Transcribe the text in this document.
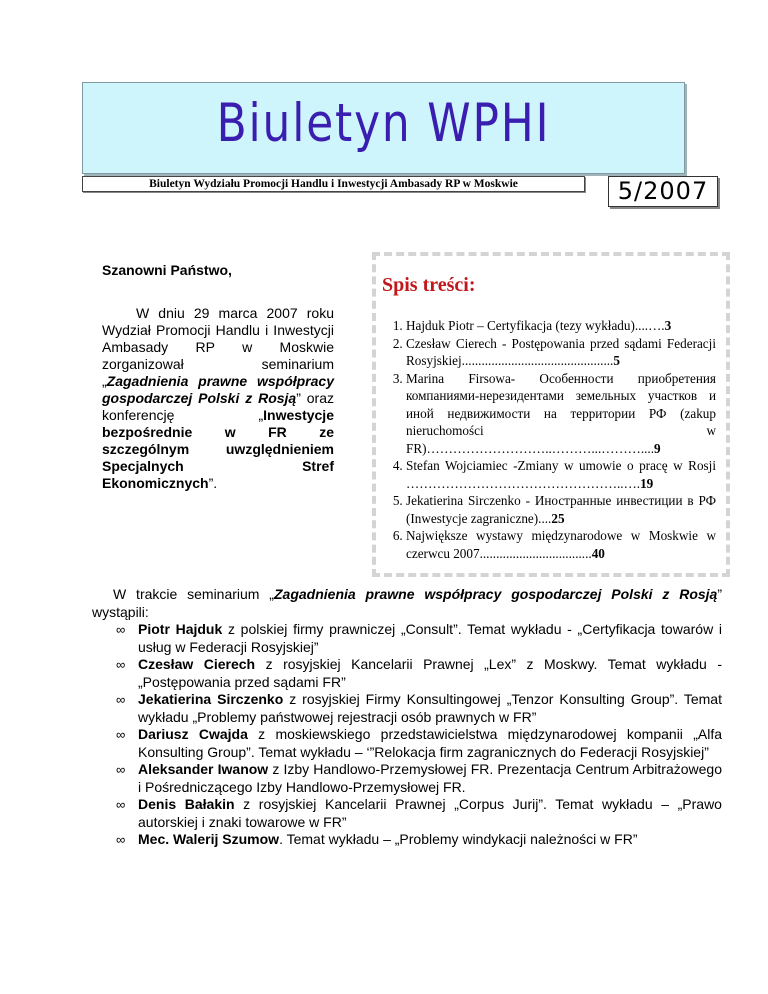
Biuletyn WPHI
Biuletyn Wydziału Promocji Handlu i Inwestycji Ambasady RP w Moskwie	5/2007
Szanowni Państwo,
W dniu 29 marca 2007 roku Wydział Promocji Handlu i Inwestycji Ambasady RP w Moskwie zorganizował seminarium „Zagadnienia prawne współpracy gospodarczej Polski z Rosją” oraz konferencję „Inwestycje bezpośrednie w FR ze szczególnym uwzględnieniem Specjalnych Stref Ekonomicznych”.
Spis treści:
1. Hajduk Piotr – Certyfikacja (tezy wykładu)....….3
2. Czesław Cierech - Postępowania przed sądami Federacji Rosyjskiej..............................................5
3. Marina Firsowa- Особенности приобретения компаниями-нерезидентами земельных участков и иной недвижимости на территории РФ (zakup nieruchomości w FR)………………………..………...………....9
4. Stefan Wojciamiec -Zmiany w umowie o pracę w Rosji …………………………………………..….19
5. Jekatierina Sirczenko - Иностранные инвестиции в РФ (Inwestycje zagraniczne)....25
6. Największe wystawy międzynarodowe w Moskwie w czerwcu 2007..................................40
W trakcie seminarium „Zagadnienia prawne współpracy gospodarczej Polski z Rosją” wystąpili:
∞ Piotr Hajduk z polskiej firmy prawniczej „Consult”. Temat wykładu - „Certyfikacja towarów i usług w Federacji Rosyjskiej”
∞ Czesław Cierech z rosyjskiej Kancelarii Prawnej „Lex” z Moskwy. Temat wykładu - „Postępowania przed sądami FR”
∞ Jekatierina Sirczenko z rosyjskiej Firmy Konsultingowej „Tenzor Konsulting Group”. Temat wykładu „Problemy państwowej rejestracji osób prawnych w FR”
∞ Dariusz Cwajda z moskiewskiego przedstawicielstwa międzynarodowej kompanii „Alfa Konsulting Group”. Temat wykładu – ‘”Relokacja firm zagranicznych do Federacji Rosyjskiej”
∞ Aleksander Iwanow z Izby Handlowo-Przemysłowej FR. Prezentacja Centrum Arbitrażowego i Pośredniczącego Izby Handlowo-Przemysłowej FR.
∞ Denis Bałakin z rosyjskiej Kancelarii Prawnej „Corpus Jurij”. Temat wykładu – „Prawo autorskiej i znaki towarowe w FR”
∞ Mec. Walerij Szumow. Temat wykładu – „Problemy windykacji należności w FR”
